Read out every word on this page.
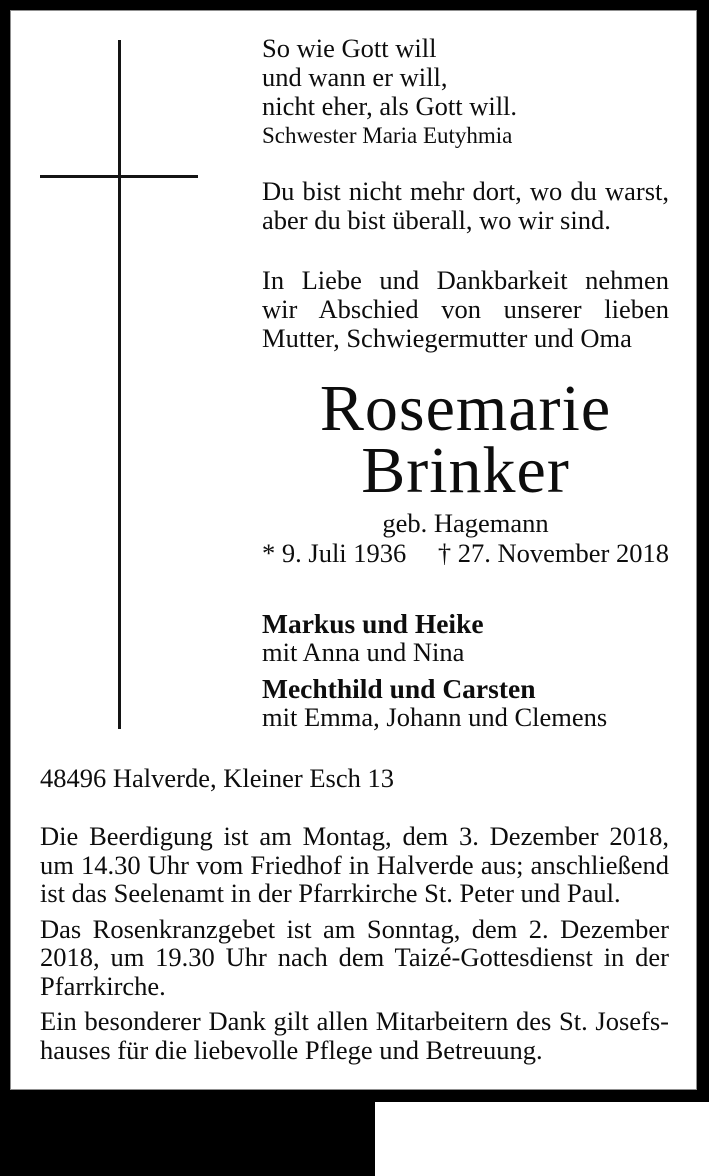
So wie Gott will
und wann er will,
nicht eher, als Gott will.
Schwester Maria Eutyhmia
Du bist nicht mehr dort, wo du warst,
aber du bist überall, wo wir sind.
In Liebe und Dankbarkeit nehmen
wir Abschied von unserer lieben
Mutter, Schwiegermutter und Oma
Rosemarie
Brinker
geb. Hagemann
* 9. Juli 1936 † 27. November 2018
Markus und Heike
mit Anna und Nina
Mechthild und Carsten
mit Emma, Johann und Clemens
48496 Halverde, Kleiner Esch 13
Die Beerdigung ist am Montag, dem 3. Dezember 2018,
um 14.30 Uhr vom Friedhof in Halverde aus; anschließend
ist das Seelenamt in der Pfarrkirche St. Peter und Paul.
Das Rosenkranzgebet ist am Sonntag, dem 2. Dezember
2018, um 19.30 Uhr nach dem Taizé-Gottesdienst in der
Pfarrkirche.
Ein besonderer Dank gilt allen Mitarbeitern des St. Josefs-
hauses für die liebevolle Pflege und Betreuung.
